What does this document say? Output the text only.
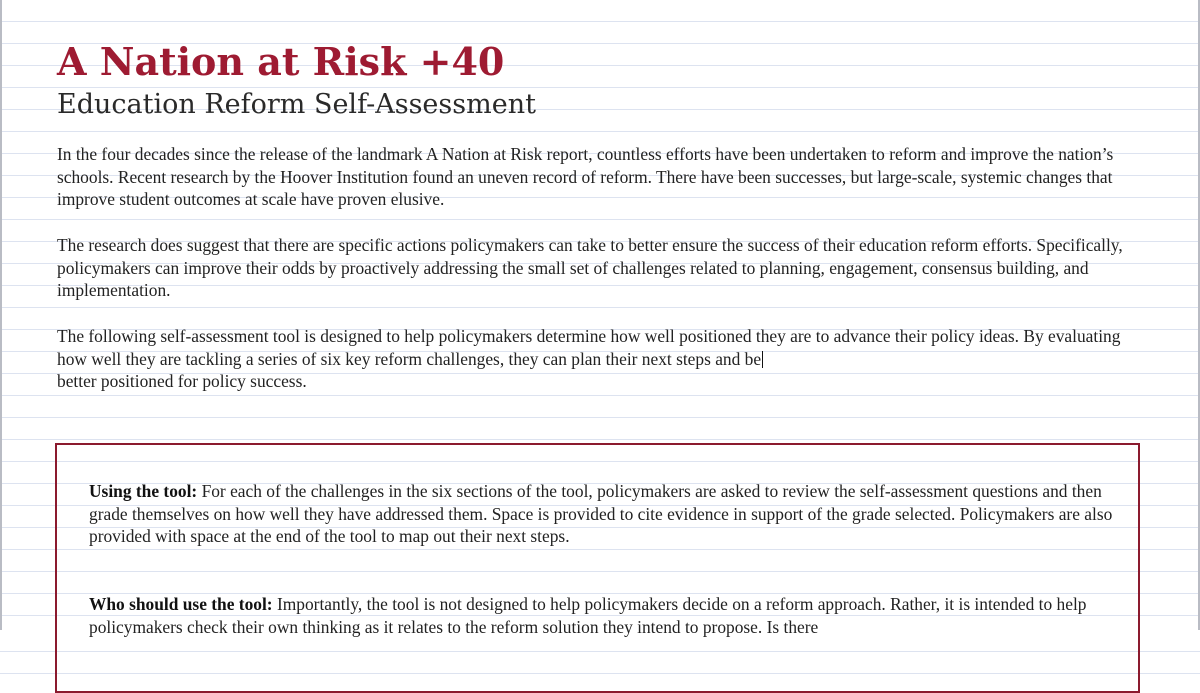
A Nation at Risk +40
Education Reform Self-Assessment

In the four decades since the release of the landmark A Nation at Risk report, countless efforts have been undertaken to reform and improve the nation’s schools. Recent research by the Hoover Institution found an uneven record of reform. There have been successes, but large-scale, systemic changes that improve student outcomes at scale have proven elusive.

The research does suggest that there are specific actions policymakers can take to better ensure the success of their education reform efforts. Specifically, policymakers can improve their odds by proactively addressing the small set of challenges related to planning, engagement, consensus building, and implementation.

The following self-assessment tool is designed to help policymakers determine how well positioned they are to advance their policy ideas. By evaluating how well they are tackling a series of six key reform challenges, they can plan their next steps and be
better positioned for policy success.

Using the tool: For each of the challenges in the six sections of the tool, policymakers are asked to review the self-assessment questions and then grade themselves on how well they have addressed them. Space is provided to cite evidence in support of the grade selected. Policymakers are also provided with space at the end of the tool to map out their next steps.

Who should use the tool: Importantly, the tool is not designed to help policymakers decide on a reform approach. Rather, it is intended to help policymakers check their own thinking as it relates to the reform solution they intend to propose. Is there
